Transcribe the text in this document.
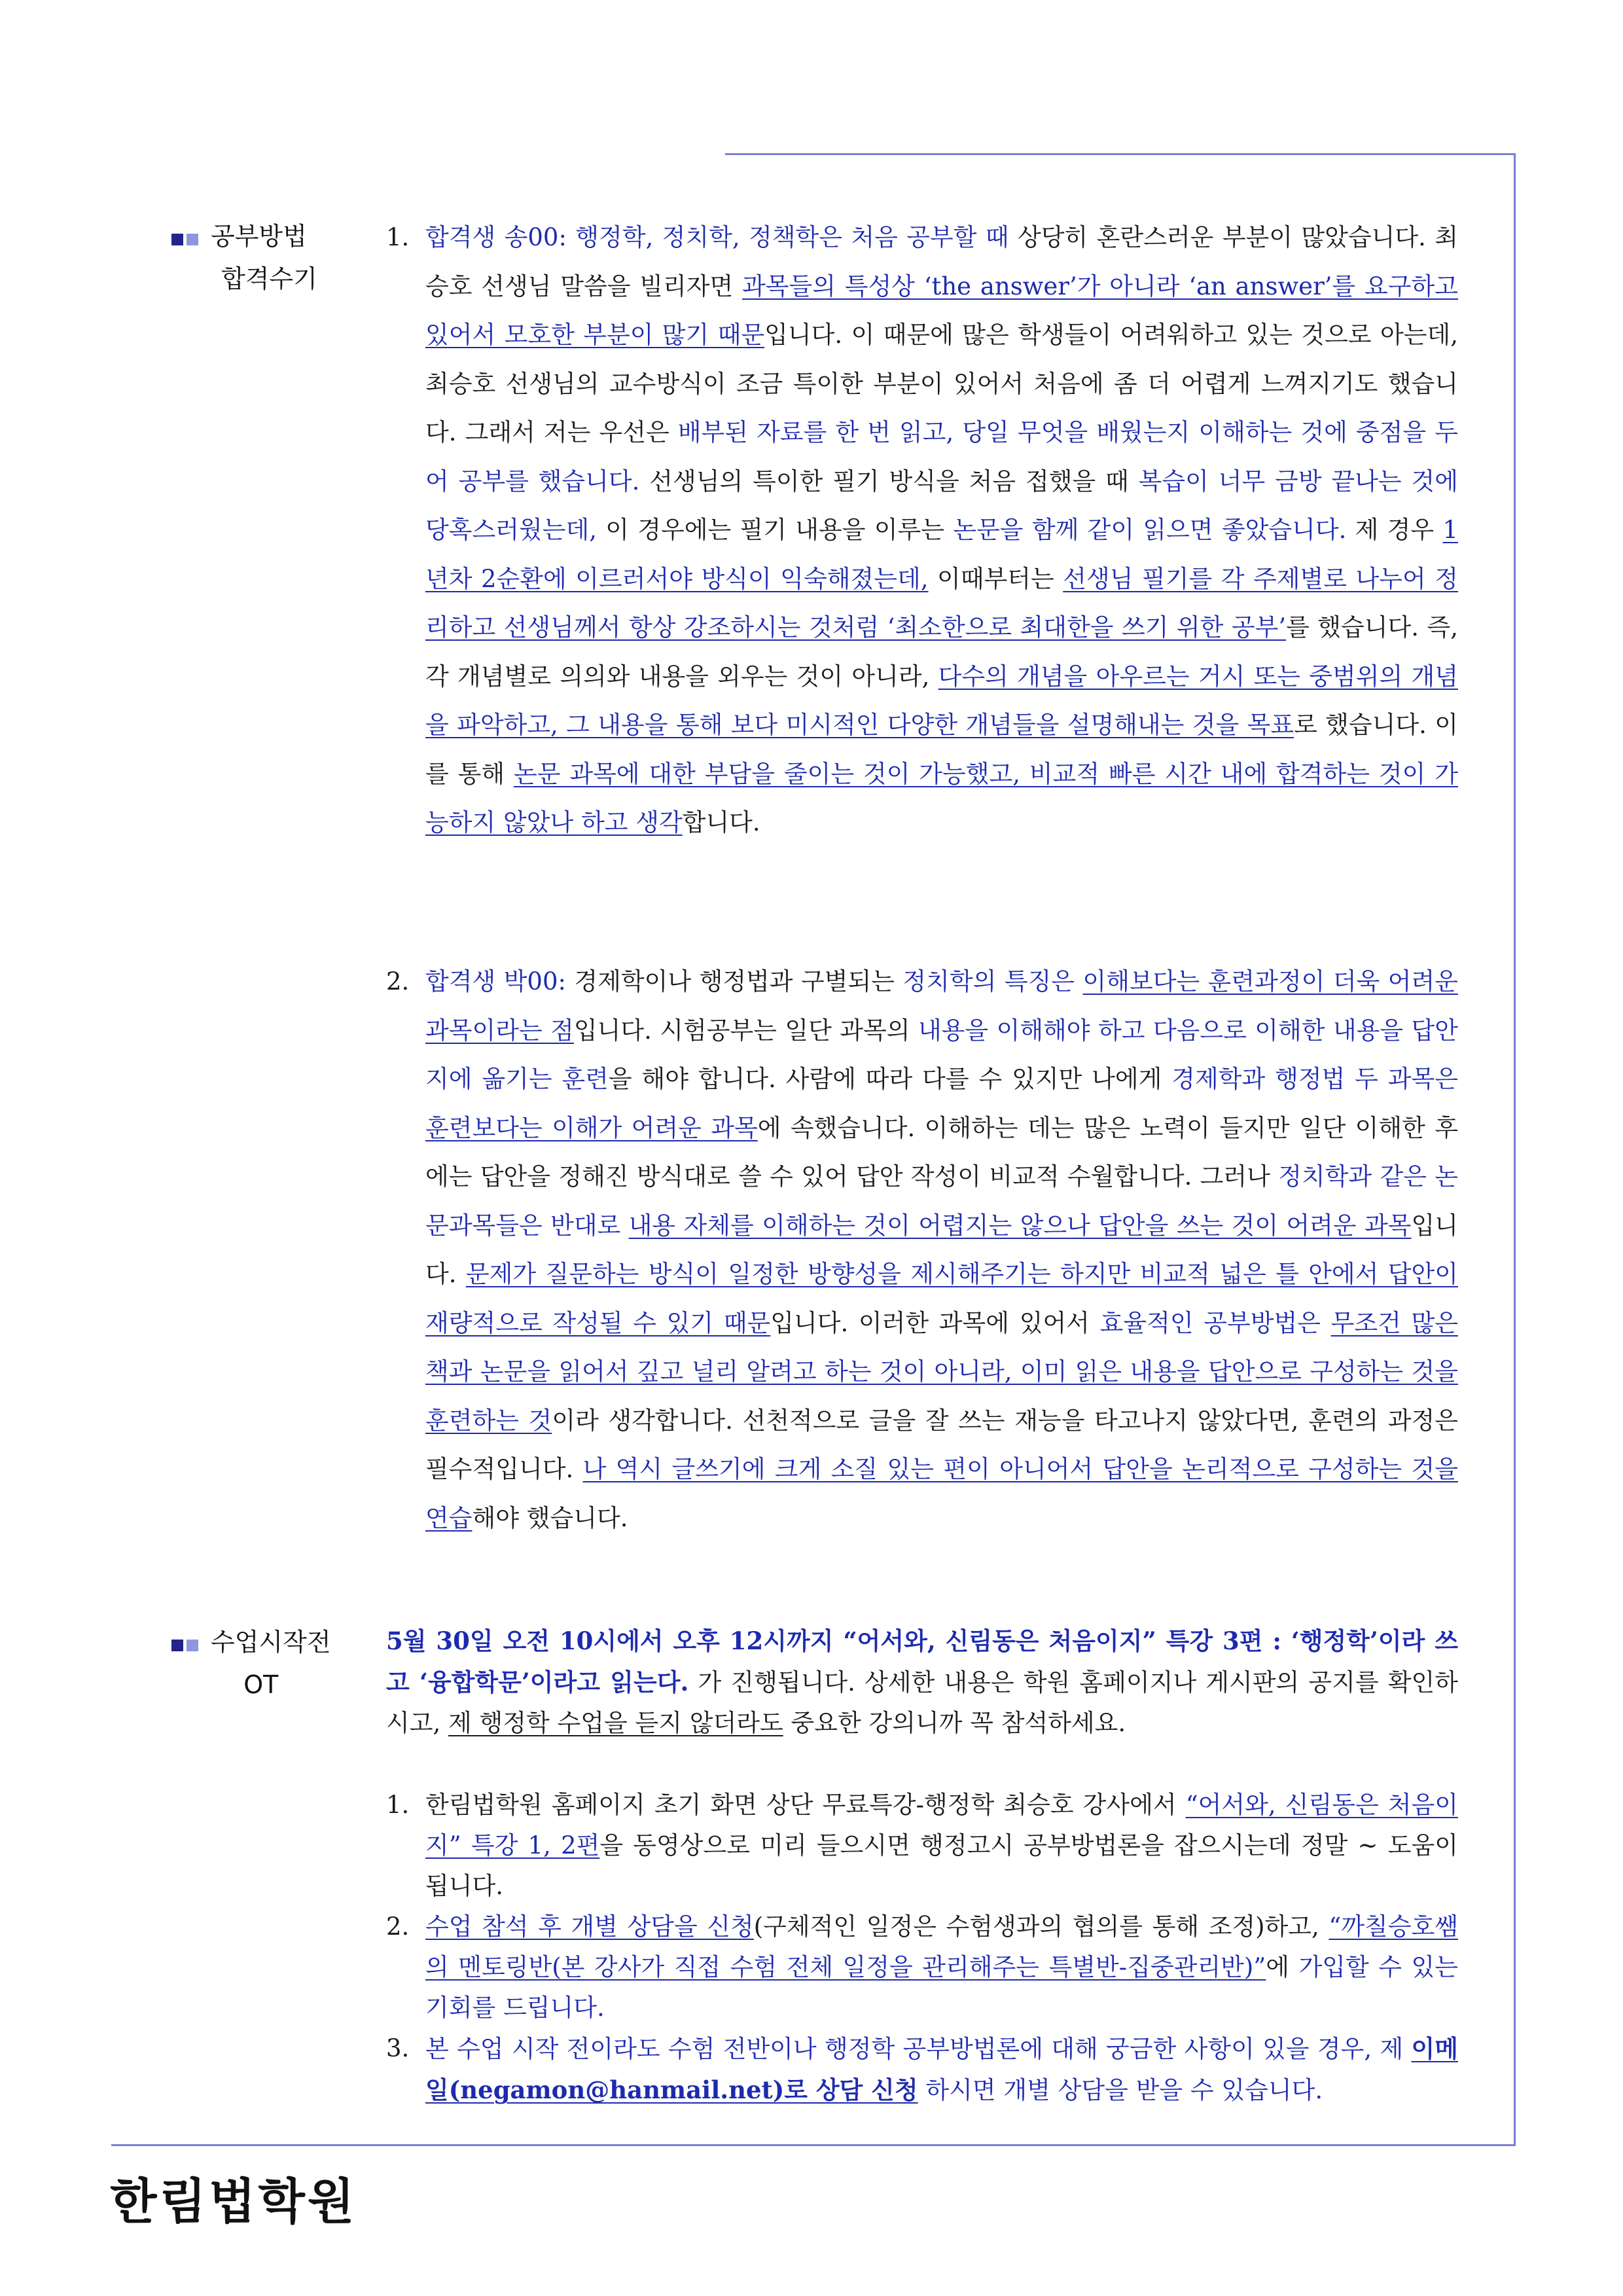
공부방법
합격수기
1. 합격생 송00: 행정학, 정치학, 정책학은 처음 공부할 때 상당히 혼란스러운 부분이 많았습니다. 최승호 선생님 말씀을 빌리자면 과목들의 특성상 ‘the answer’가 아니라 ‘an answer’를 요구하고 있어서 모호한 부분이 많기 때문입니다. 이 때문에 많은 학생들이 어려워하고 있는 것으로 아는데, 최승호 선생님의 교수방식이 조금 특이한 부분이 있어서 처음에 좀 더 어렵게 느껴지기도 했습니다. 그래서 저는 우선은 배부된 자료를 한 번 읽고, 당일 무엇을 배웠는지 이해하는 것에 중점을 두어 공부를 했습니다. 선생님의 특이한 필기 방식을 처음 접했을 때 복습이 너무 금방 끝나는 것에 당혹스러웠는데, 이 경우에는 필기 내용을 이루는 논문을 함께 같이 읽으면 좋았습니다. 제 경우 1년차 2순환에 이르러서야 방식이 익숙해졌는데, 이때부터는 선생님 필기를 각 주제별로 나누어 정리하고 선생님께서 항상 강조하시는 것처럼 ‘최소한으로 최대한을 쓰기 위한 공부’를 했습니다. 즉, 각 개념별로 의의와 내용을 외우는 것이 아니라, 다수의 개념을 아우르는 거시 또는 중범위의 개념을 파악하고, 그 내용을 통해 보다 미시적인 다양한 개념들을 설명해내는 것을 목표로 했습니다. 이를 통해 논문 과목에 대한 부담을 줄이는 것이 가능했고, 비교적 빠른 시간 내에 합격하는 것이 가능하지 않았나 하고 생각합니다.
2. 합격생 박00: 경제학이나 행정법과 구별되는 정치학의 특징은 이해보다는 훈련과정이 더욱 어려운 과목이라는 점입니다. 시험공부는 일단 과목의 내용을 이해해야 하고 다음으로 이해한 내용을 답안지에 옮기는 훈련을 해야 합니다. 사람에 따라 다를 수 있지만 나에게 경제학과 행정법 두 과목은 훈련보다는 이해가 어려운 과목에 속했습니다. 이해하는 데는 많은 노력이 들지만 일단 이해한 후에는 답안을 정해진 방식대로 쓸 수 있어 답안 작성이 비교적 수월합니다. 그러나 정치학과 같은 논문과목들은 반대로 내용 자체를 이해하는 것이 어렵지는 않으나 답안을 쓰는 것이 어려운 과목입니다. 문제가 질문하는 방식이 일정한 방향성을 제시해주기는 하지만 비교적 넓은 틀 안에서 답안이 재량적으로 작성될 수 있기 때문입니다. 이러한 과목에 있어서 효율적인 공부방법은 무조건 많은 책과 논문을 읽어서 깊고 널리 알려고 하는 것이 아니라, 이미 읽은 내용을 답안으로 구성하는 것을 훈련하는 것이라 생각합니다. 선천적으로 글을 잘 쓰는 재능을 타고나지 않았다면, 훈련의 과정은 필수적입니다. 나 역시 글쓰기에 크게 소질 있는 편이 아니어서 답안을 논리적으로 구성하는 것을 연습해야 했습니다.
수업시작전
OT
5월 30일 오전 10시에서 오후 12시까지 “어서와, 신림동은 처음이지” 특강 3편 : ‘행정학’이라 쓰고 ‘융합학문’이라고 읽는다. 가 진행됩니다. 상세한 내용은 학원 홈페이지나 게시판의 공지를 확인하시고, 제 행정학 수업을 듣지 않더라도 중요한 강의니까 꼭 참석하세요.
1. 한림법학원 홈페이지 초기 화면 상단 무료특강-행정학 최승호 강사에서 “어서와, 신림동은 처음이지” 특강 1, 2편을 동영상으로 미리 들으시면 행정고시 공부방법론을 잡으시는데 정말 ~ 도움이 됩니다.
2. 수업 참석 후 개별 상담을 신청(구체적인 일정은 수험생과의 협의를 통해 조정)하고, “까칠승호쌤의 멘토링반(본 강사가 직접 수험 전체 일정을 관리해주는 특별반-집중관리반)”에 가입할 수 있는 기회를 드립니다.
3. 본 수업 시작 전이라도 수험 전반이나 행정학 공부방법론에 대해 궁금한 사항이 있을 경우, 제 이메일(negamon@hanmail.net)로 상담 신청 하시면 개별 상담을 받을 수 있습니다.
한림법학원
